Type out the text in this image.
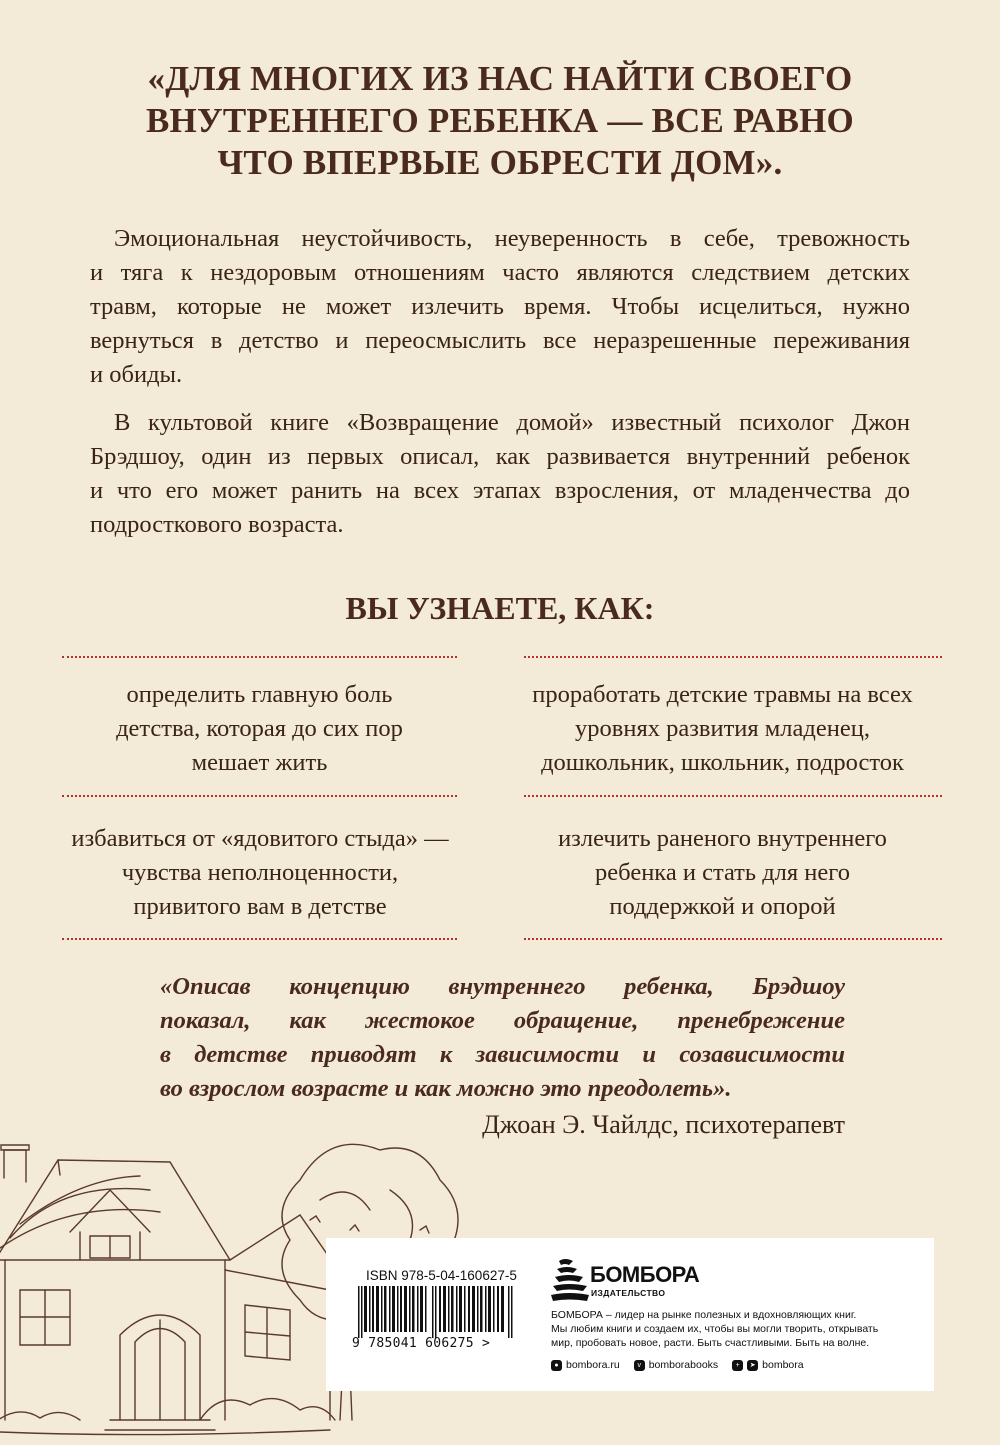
«ДЛЯ МНОГИХ ИЗ НАС НАЙТИ СВОЕГО
ВНУТРЕННЕГО РЕБЕНКА — ВСЕ РАВНО
ЧТО ВПЕРВЫЕ ОБРЕСТИ ДОМ».
Эмоциональная неустойчивость, неуверенность в себе, тревожность
и тяга к нездоровым отношениям часто являются следствием детских
травм, которые не может излечить время. Чтобы исцелиться, нужно
вернуться в детство и переосмыслить все неразрешенные переживания
и обиды.
В культовой книге «Возвращение домой» известный психолог Джон
Брэдшоу, один из первых описал, как развивается внутренний ребенок
и что его может ранить на всех этапах взросления, от младенчества до
подросткового возраста.
ВЫ УЗНАЕТЕ, КАК:
определить главную боль
детства, которая до сих пор
мешает жить
проработать детские травмы на всех
уровнях развития младенец,
дошкольник, школьник, подросток
избавиться от «ядовитого стыда» —
чувства неполноценности,
привитого вам в детстве
излечить раненого внутреннего
ребенка и стать для него
поддержкой и опорой
«Описав концепцию внутреннего ребенка, Брэдшоу
показал, как жестокое обращение, пренебрежение
в детстве приводят к зависимости и созависимости
во взрослом возрасте и как можно это преодолеть».
Джоан Э. Чайлдс, психотерапевт
ISBN 978-5-04-160627-5
9 785041 606275 >
БОМБОРА
ИЗДАТЕЛЬСТВО
БОМБОРА – лидер на рынке полезных и вдохновляющих книг.
Мы любим книги и создаем их, чтобы вы могли творить, открывать
мир, пробовать новое, расти. Быть счастливыми. Быть на волне.
● bombora.ru	v bomborabooks	+	➤ bombora
